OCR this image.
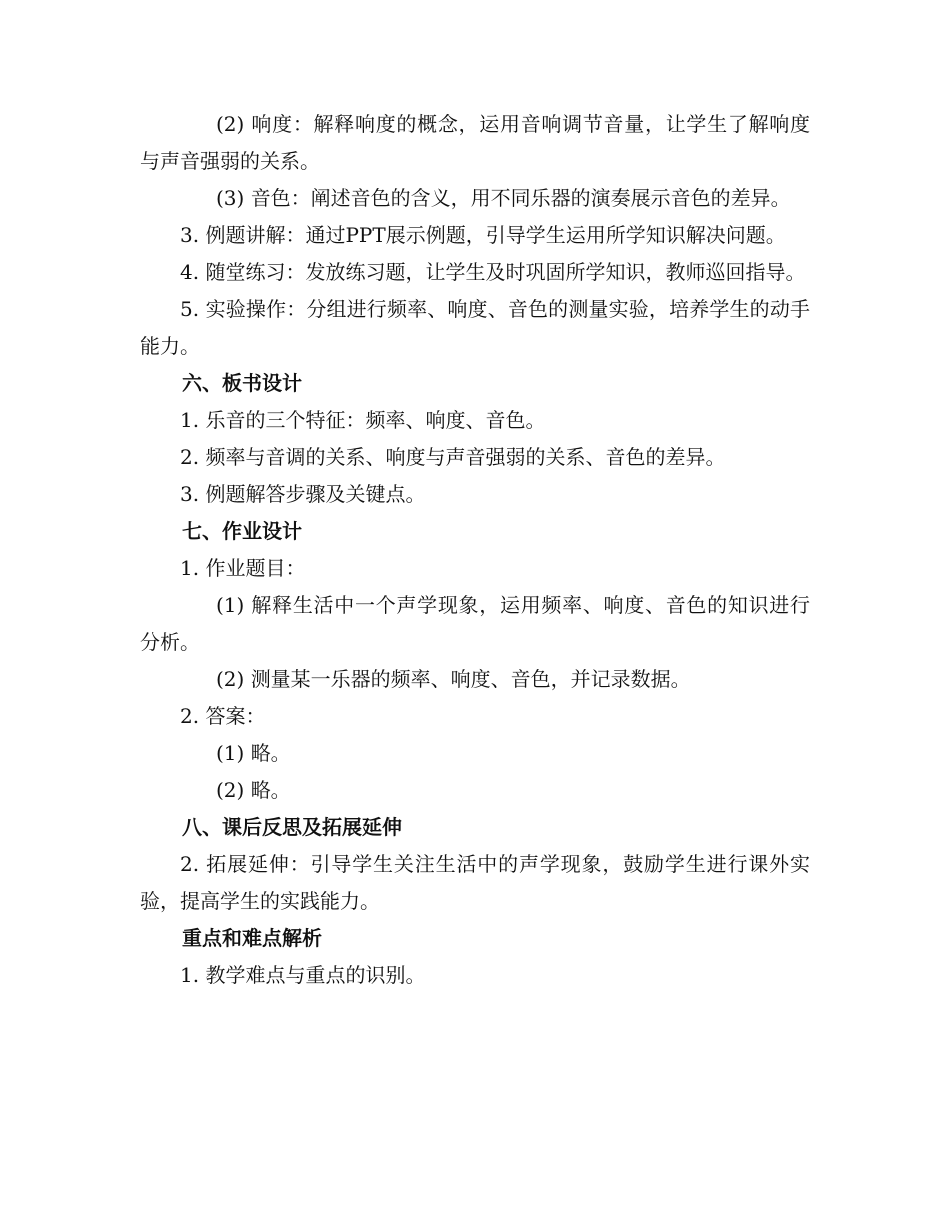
(2) 响度：解释响度的概念，运用音响调节音量，让学生了解响度与声音强弱的关系。

(3) 音色：阐述音色的含义，用不同乐器的演奏展示音色的差异。

3. 例题讲解：通过PPT展示例题，引导学生运用所学知识解决问题。

4. 随堂练习：发放练习题，让学生及时巩固所学知识，教师巡回指导。

5. 实验操作：分组进行频率、响度、音色的测量实验，培养学生的动手能力。

六、板书设计

1. 乐音的三个特征：频率、响度、音色。

2. 频率与音调的关系、响度与声音强弱的关系、音色的差异。

3. 例题解答步骤及关键点。

七、作业设计

1. 作业题目：

(1) 解释生活中一个声学现象，运用频率、响度、音色的知识进行分析。

(2) 测量某一乐器的频率、响度、音色，并记录数据。

2. 答案：

(1) 略。

(2) 略。

八、课后反思及拓展延伸

2. 拓展延伸：引导学生关注生活中的声学现象，鼓励学生进行课外实验，提高学生的实践能力。

重点和难点解析

1. 教学难点与重点的识别。
